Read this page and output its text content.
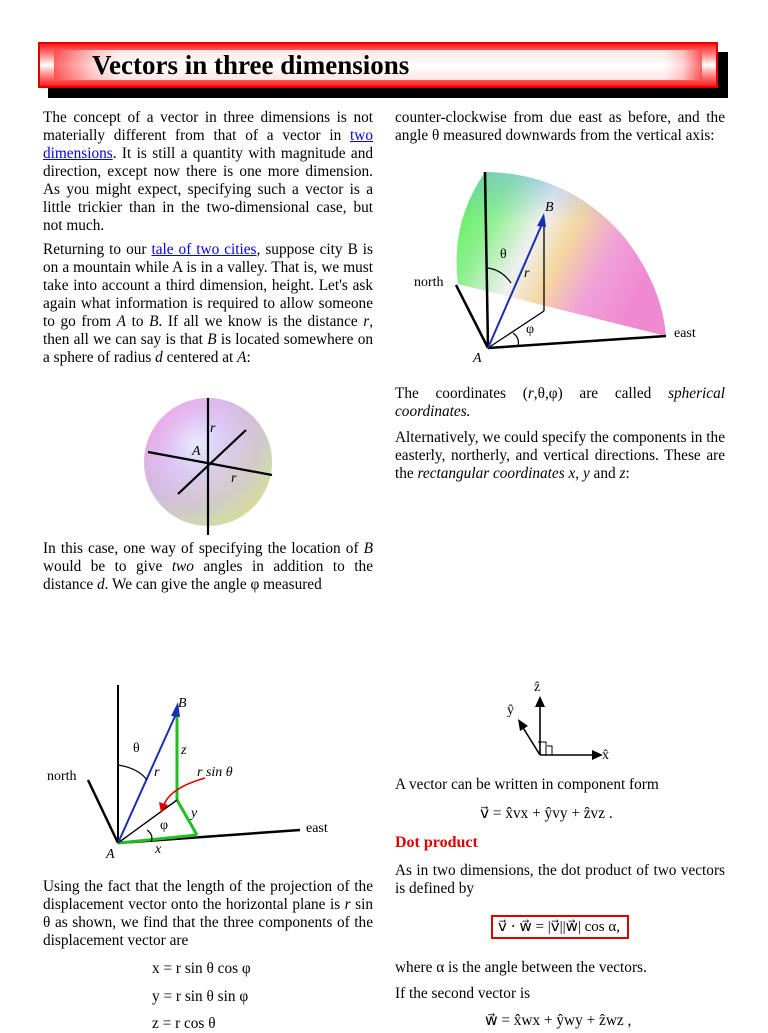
Vectors in three dimensions
The concept of a vector in three dimensions is not materially different from that of a vector in two dimensions. It is still a quantity with magnitude and direction, except now there is one more dimension. As you might expect, specifying such a vector is a little trickier than in the two-dimensional case, but not much.
Returning to our tale of two cities, suppose city B is on a mountain while A is in a valley. That is, we must take into account a third dimension, height. Let's ask again what information is required to allow someone to go from A to B. If all we know is the distance r, then all we can say is that B is located somewhere on a sphere of radius d centered at A:
r
A
r
In this case, one way of specifying the location of B would be to give two angles in addition to the distance d. We can give the angle φ measured
B
θ	z
r	r sin θ
north
y
φ	east
x
A
Using the fact that the length of the projection of the displacement vector onto the horizontal plane is r sin θ as shown, we find that the three components of the displacement vector are
x = r sin θ cos φ
y = r sin θ sin φ
z = r cos θ
counter-clockwise from due east as before, and the angle θ measured downwards from the vertical axis:
B
θ
r
north
φ	east
A
The coordinates (r,θ,φ) are called spherical coordinates.
Alternatively, we could specify the components in the easterly, northerly, and vertical directions. These are the rectangular coordinates x, y and z:
ẑ
ŷ
x̂
A vector can be written in component form
v⃗ = x̂vx + ŷvy + ẑvz .
Dot product
As in two dimensions, the dot product of two vectors is defined by
v⃗ ⋅ w⃗ = |v⃗||w⃗| cos α,
where α is the angle between the vectors.
If the second vector is
w⃗ = x̂wx + ŷwy + ẑwz ,
